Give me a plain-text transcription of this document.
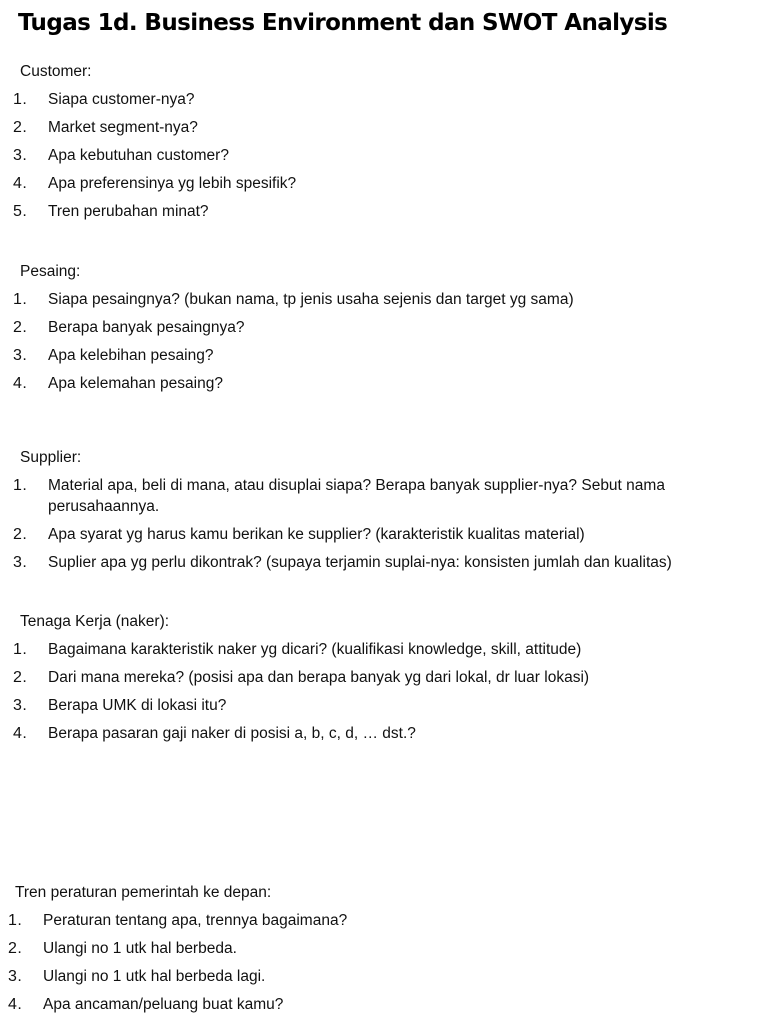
Tugas 1d. Business Environment dan SWOT Analysis
Customer:
1. Siapa customer-nya?
2. Market segment-nya?
3. Apa kebutuhan customer?
4. Apa preferensinya yg lebih spesifik?
5. Tren perubahan minat?
Pesaing:
1. Siapa pesaingnya? (bukan nama, tp jenis usaha sejenis dan target yg sama)
2. Berapa banyak pesaingnya?
3. Apa kelebihan pesaing?
4. Apa kelemahan pesaing?
Supplier:
1. Material apa, beli di mana, atau disuplai siapa? Berapa banyak supplier-nya? Sebut nama perusahaannya.
2. Apa syarat yg harus kamu berikan ke supplier? (karakteristik kualitas material)
3. Suplier apa yg perlu dikontrak? (supaya terjamin suplai-nya: konsisten jumlah dan kualitas)
Tenaga Kerja (naker):
1. Bagaimana karakteristik naker yg dicari? (kualifikasi knowledge, skill, attitude)
2. Dari mana mereka? (posisi apa dan berapa banyak yg dari lokal, dr luar lokasi)
3. Berapa UMK di lokasi itu?
4. Berapa pasaran gaji naker di posisi a, b, c, d, … dst.?
Tren peraturan pemerintah ke depan:
1. Peraturan tentang apa, trennya bagaimana?
2. Ulangi no 1 utk hal berbeda.
3. Ulangi no 1 utk hal berbeda lagi.
4. Apa ancaman/peluang buat kamu?
